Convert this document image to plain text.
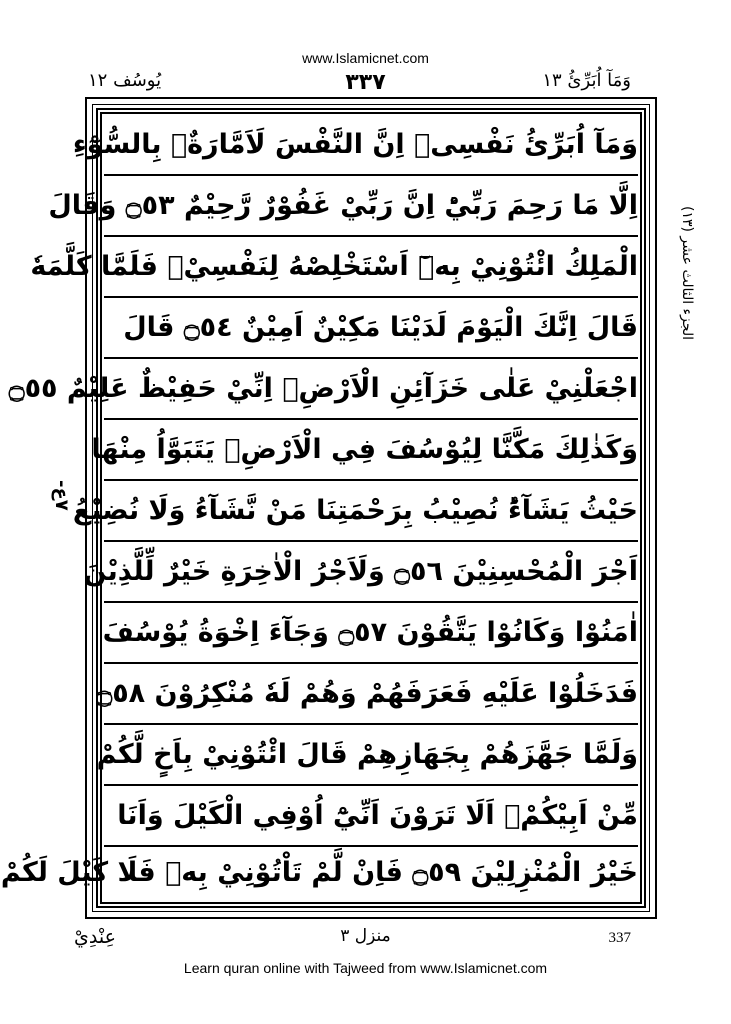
www.Islamicnet.com
وَمَآ اُبَرِّئُ ١٣
٣٣٧
يُوسُف ١٢
الجزء الثالث عشر (١٣)
-٧ع
وَمَآ اُبَرِّئُ نَفْسِىۚ اِنَّ النَّفْسَ لَاَمَّارَةٌۢ بِالسُّوْٓءِ
اِلَّا مَا رَحِمَ رَبِّيْؕ اِنَّ رَبِّيْ غَفُوْرٌ رَّحِيْمٌ ۝٥٣ وَقَالَ
الْمَلِكُ ائْتُوْنِيْ بِهٖٓ اَسْتَخْلِصْهُ لِنَفْسِيْۚ فَلَمَّا كَلَّمَهٗ
قَالَ اِنَّكَ الْيَوْمَ لَدَيْنَا مَكِيْنٌ اَمِيْنٌ ۝٥٤ قَالَ
اجْعَلْنِيْ عَلٰى خَزَآئِنِ الْاَرْضِۚ اِنِّيْ حَفِيْظٌ عَلِيْمٌ ۝٥٥
وَكَذٰلِكَ مَكَّنَّا لِيُوْسُفَ فِي الْاَرْضِۚ يَتَبَوَّاُ مِنْهَا
حَيْثُ يَشَآءُؕ نُصِيْبُ بِرَحْمَتِنَا مَنْ نَّشَآءُ وَلَا نُضِيْعُ
اَجْرَ الْمُحْسِنِيْنَ ۝٥٦ وَلَاَجْرُ الْاٰخِرَةِ خَيْرٌ لِّلَّذِيْنَ
اٰمَنُوْا وَكَانُوْا يَتَّقُوْنَ ۝٥٧ وَجَآءَ اِخْوَةُ يُوْسُفَ
فَدَخَلُوْا عَلَيْهِ فَعَرَفَهُمْ وَهُمْ لَهٗ مُنْكِرُوْنَ ۝٥٨
وَلَمَّا جَهَّزَهُمْ بِجَهَازِهِمْ قَالَ ائْتُوْنِيْ بِاَخٍ لَّكُمْ
مِّنْ اَبِيْكُمْۚ اَلَا تَرَوْنَ اَنِّيْٓ اُوْفِي الْكَيْلَ وَاَنَا
خَيْرُ الْمُنْزِلِيْنَ ۝٥٩ فَاِنْ لَّمْ تَاْتُوْنِيْ بِهٖ فَلَا كَيْلَ لَكُمْ
عِنْدِيْ	منزل ٣	337
Learn quran online with Tajweed from www.Islamicnet.com
